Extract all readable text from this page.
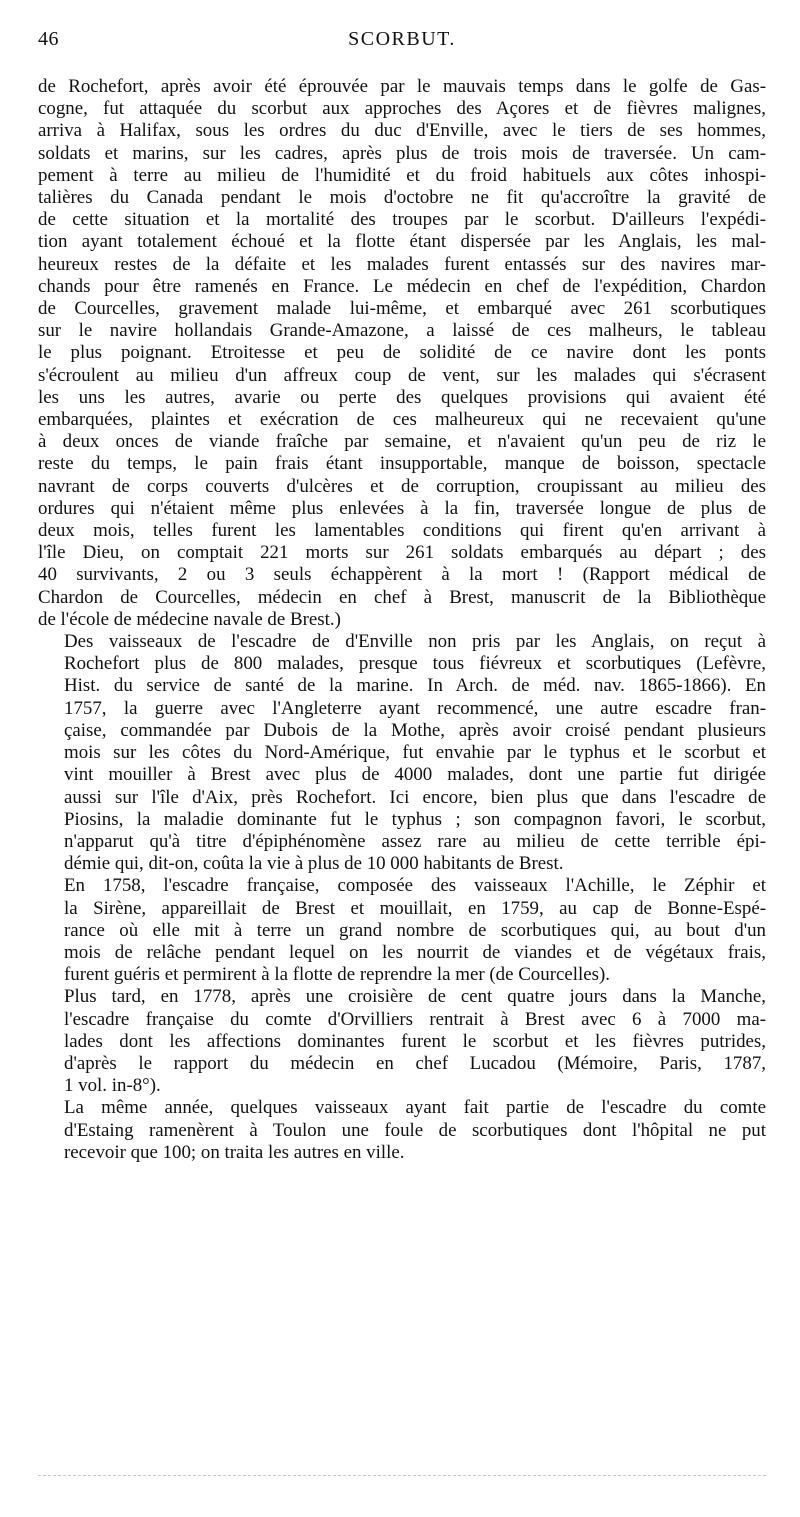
46	SCORBUT.

de Rochefort, après avoir été éprouvée par le mauvais temps dans le golfe de Gas-
cogne, fut attaquée du scorbut aux approches des Açores et de fièvres malignes,
arriva à Halifax, sous les ordres du duc d'Enville, avec le tiers de ses hommes,
soldats et marins, sur les cadres, après plus de trois mois de traversée. Un cam-
pement à terre au milieu de l'humidité et du froid habituels aux côtes inhospi-
talières du Canada pendant le mois d'octobre ne fit qu'accroître la gravité de
de cette situation et la mortalité des troupes par le scorbut. D'ailleurs l'expédi-
tion ayant totalement échoué et la flotte étant dispersée par les Anglais, les mal-
heureux restes de la défaite et les malades furent entassés sur des navires mar-
chands pour être ramenés en France. Le médecin en chef de l'expédition, Chardon
de Courcelles, gravement malade lui-même, et embarqué avec 261 scorbutiques
sur le navire hollandais Grande-Amazone, a laissé de ces malheurs, le tableau
le plus poignant. Etroitesse et peu de solidité de ce navire dont les ponts
s'écroulent au milieu d'un affreux coup de vent, sur les malades qui s'écrasent
les uns les autres, avarie ou perte des quelques provisions qui avaient été
embarquées, plaintes et exécration de ces malheureux qui ne recevaient qu'une
à deux onces de viande fraîche par semaine, et n'avaient qu'un peu de riz le
reste du temps, le pain frais étant insupportable, manque de boisson, spectacle
navrant de corps couverts d'ulcères et de corruption, croupissant au milieu des
ordures qui n'étaient même plus enlevées à la fin, traversée longue de plus de
deux mois, telles furent les lamentables conditions qui firent qu'en arrivant à
l'île Dieu, on comptait 221 morts sur 261 soldats embarqués au départ ; des
40 survivants, 2 ou 3 seuls échappèrent à la mort ! (Rapport médical de
Chardon de Courcelles, médecin en chef à Brest, manuscrit de la Bibliothèque
de l'école de médecine navale de Brest.)

Des vaisseaux de l'escadre de d'Enville non pris par les Anglais, on reçut à
Rochefort plus de 800 malades, presque tous fiévreux et scorbutiques (Lefèvre,
Hist. du service de santé de la marine. In Arch. de méd. nav. 1865-1866). En
1757, la guerre avec l'Angleterre ayant recommencé, une autre escadre fran-
çaise, commandée par Dubois de la Mothe, après avoir croisé pendant plusieurs
mois sur les côtes du Nord-Amérique, fut envahie par le typhus et le scorbut et
vint mouiller à Brest avec plus de 4000 malades, dont une partie fut dirigée
aussi sur l'île d'Aix, près Rochefort. Ici encore, bien plus que dans l'escadre de
Piosins, la maladie dominante fut le typhus ; son compagnon favori, le scorbut,
n'apparut qu'à titre d'épiphénomène assez rare au milieu de cette terrible épi-
démie qui, dit-on, coûta la vie à plus de 10 000 habitants de Brest.

En 1758, l'escadre française, composée des vaisseaux l'Achille, le Zéphir et
la Sirène, appareillait de Brest et mouillait, en 1759, au cap de Bonne-Espé-
rance où elle mit à terre un grand nombre de scorbutiques qui, au bout d'un
mois de relâche pendant lequel on les nourrit de viandes et de végétaux frais,
furent guéris et permirent à la flotte de reprendre la mer (de Courcelles).

Plus tard, en 1778, après une croisière de cent quatre jours dans la Manche,
l'escadre française du comte d'Orvilliers rentrait à Brest avec 6 à 7000 ma-
lades dont les affections dominantes furent le scorbut et les fièvres putrides,
d'après le rapport du médecin en chef Lucadou (Mémoire, Paris, 1787,
1 vol. in-8°).

La même année, quelques vaisseaux ayant fait partie de l'escadre du comte
d'Estaing ramenèrent à Toulon une foule de scorbutiques dont l'hôpital ne put
recevoir que 100; on traita les autres en ville.
